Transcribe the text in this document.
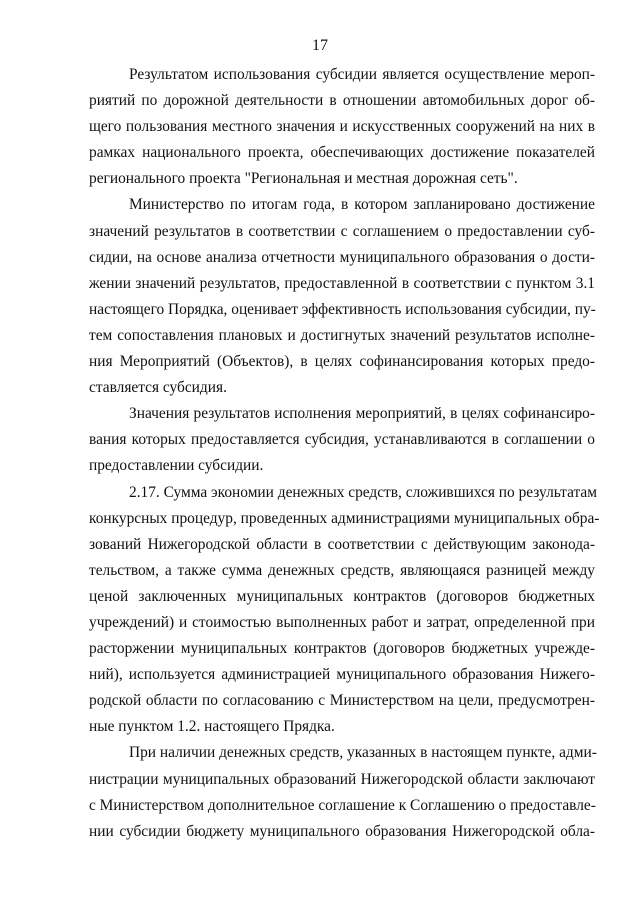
17

Результатом использования субсидии является осуществление мероп-
риятий по дорожной деятельности в отношении автомобильных дорог об-
щего пользования местного значения и искусственных сооружений на них в
рамках национального проекта, обеспечивающих достижение показателей
регионального проекта "Региональная и местная дорожная сеть".

Министерство по итогам года, в котором запланировано достижение
значений результатов в соответствии с соглашением о предоставлении суб-
сидии, на основе анализа отчетности муниципального образования о дости-
жении значений результатов, предоставленной в соответствии с пунктом 3.1
настоящего Порядка, оценивает эффективность использования субсидии, пу-
тем сопоставления плановых и достигнутых значений результатов исполне-
ния Мероприятий (Объектов), в целях софинансирования которых предо-
ставляется субсидия.

Значения результатов исполнения мероприятий, в целях софинансиро-
вания которых предоставляется субсидия, устанавливаются в соглашении о
предоставлении субсидии.

2.17. Сумма экономии денежных средств, сложившихся по результатам
конкурсных процедур, проведенных администрациями муниципальных обра-
зований Нижегородской области в соответствии с действующим законода-
тельством, а также сумма денежных средств, являющаяся разницей между
ценой заключенных муниципальных контрактов (договоров бюджетных
учреждений) и стоимостью выполненных работ и затрат, определенной при
расторжении муниципальных контрактов (договоров бюджетных учрежде-
ний), используется администрацией муниципального образования Нижего-
родской области по согласованию с Министерством на цели, предусмотрен-
ные пунктом 1.2. настоящего Прядка.

При наличии денежных средств, указанных в настоящем пункте, адми-
нистрации муниципальных образований Нижегородской области заключают
с Министерством дополнительное соглашение к Соглашению о предоставле-
нии субсидии бюджету муниципального образования Нижегородской обла-
